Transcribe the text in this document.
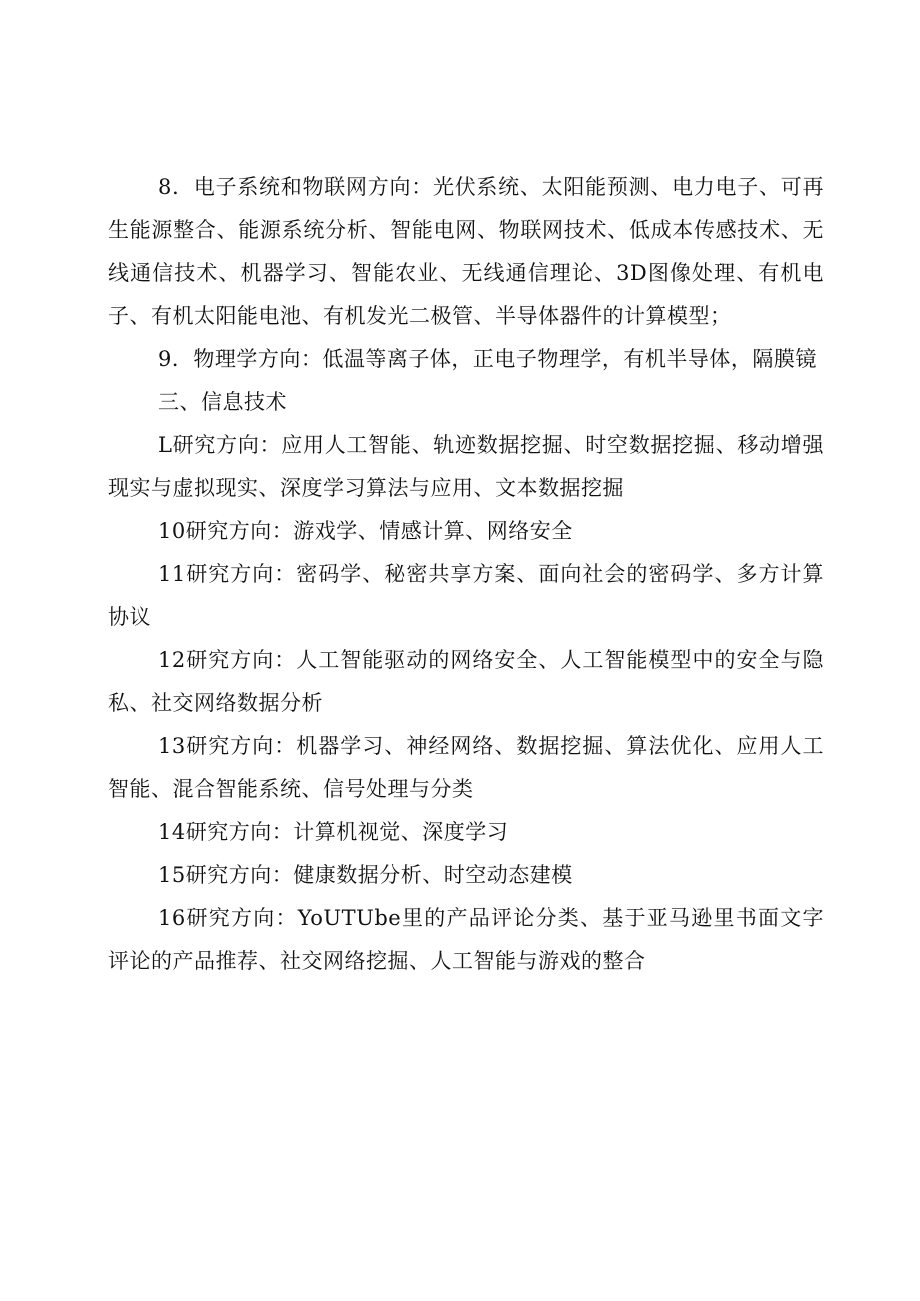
8．电子系统和物联网方向：光伏系统、太阳能预测、电力电子、可再生能源整合、能源系统分析、智能电网、物联网技术、低成本传感技术、无线通信技术、机器学习、智能农业、无线通信理论、3D图像处理、有机电子、有机太阳能电池、有机发光二极管、半导体器件的计算模型；

9．物理学方向：低温等离子体，正电子物理学，有机半导体，隔膜镜

三、信息技术

L研究方向：应用人工智能、轨迹数据挖掘、时空数据挖掘、移动增强现实与虚拟现实、深度学习算法与应用、文本数据挖掘

10研究方向：游戏学、情感计算、网络安全

11研究方向：密码学、秘密共享方案、面向社会的密码学、多方计算协议

12研究方向：人工智能驱动的网络安全、人工智能模型中的安全与隐私、社交网络数据分析

13研究方向：机器学习、神经网络、数据挖掘、算法优化、应用人工智能、混合智能系统、信号处理与分类

14研究方向：计算机视觉、深度学习

15研究方向：健康数据分析、时空动态建模

16研究方向：YoUTUbe里的产品评论分类、基于亚马逊里书面文字评论的产品推荐、社交网络挖掘、人工智能与游戏的整合
